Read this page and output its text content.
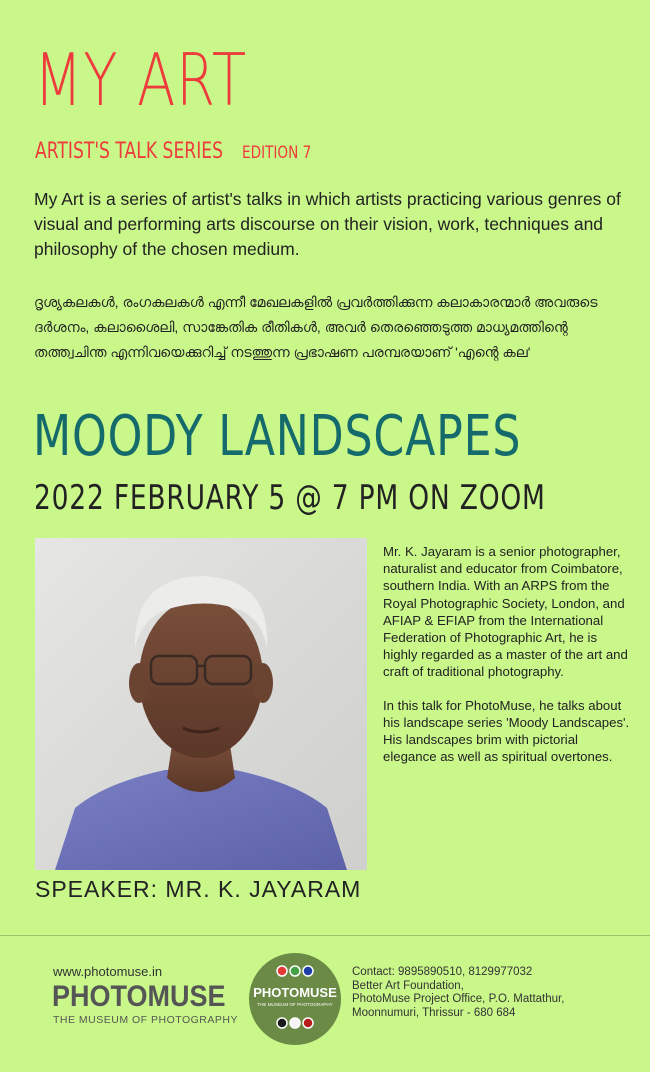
MY ART
ARTIST'S TALK SERIES EDITION 7
My Art is a series of artist's talks in which artists practicing various genres of visual and performing arts discourse on their vision, work, techniques and philosophy of the chosen medium.
ദൃശ്യകലകൾ, രംഗകലകൾ എന്നീ മേഖലകളിൽ പ്രവർത്തിക്കുന്ന കലാകാരന്മാർ അവരുടെ ദർശനം, കലാശൈലി, സാങ്കേതിക രീതികൾ, അവർ തെരഞ്ഞെടുത്ത മാധ്യമത്തിന്റെ തത്ത്വചിന്ത എന്നിവയെക്കുറിച്ച് നടത്തുന്ന പ്രഭാഷണ പരമ്പരയാണ് 'എന്റെ കല'
MOODY LANDSCAPES
2022 FEBRUARY 5 @ 7 PM ON ZOOM
SPEAKER: MR. K. JAYARAM

Mr. K. Jayaram is a senior photographer, naturalist and educator from Coimbatore, southern India. With an ARPS from the Royal Photographic Society, London, and AFIAP & EFIAP from the International Federation of Photographic Art, he is highly regarded as a master of the art and craft of traditional photography.

In this talk for PhotoMuse, he talks about his landscape series 'Moody Landscapes'. His landscapes brim with pictorial elegance as well as spiritual overtones.

www.photomuse.in
PHOTOMUSE
THE MUSEUM OF PHOTOGRAPHY
PHOTOMUSE
THE MUSEUM OF PHOTOGRAPHY
Contact: 9895890510, 8129977032
Better Art Foundation,
PhotoMuse Project Office, P.O. Mattathur,
Moonnumuri, Thrissur - 680 684
